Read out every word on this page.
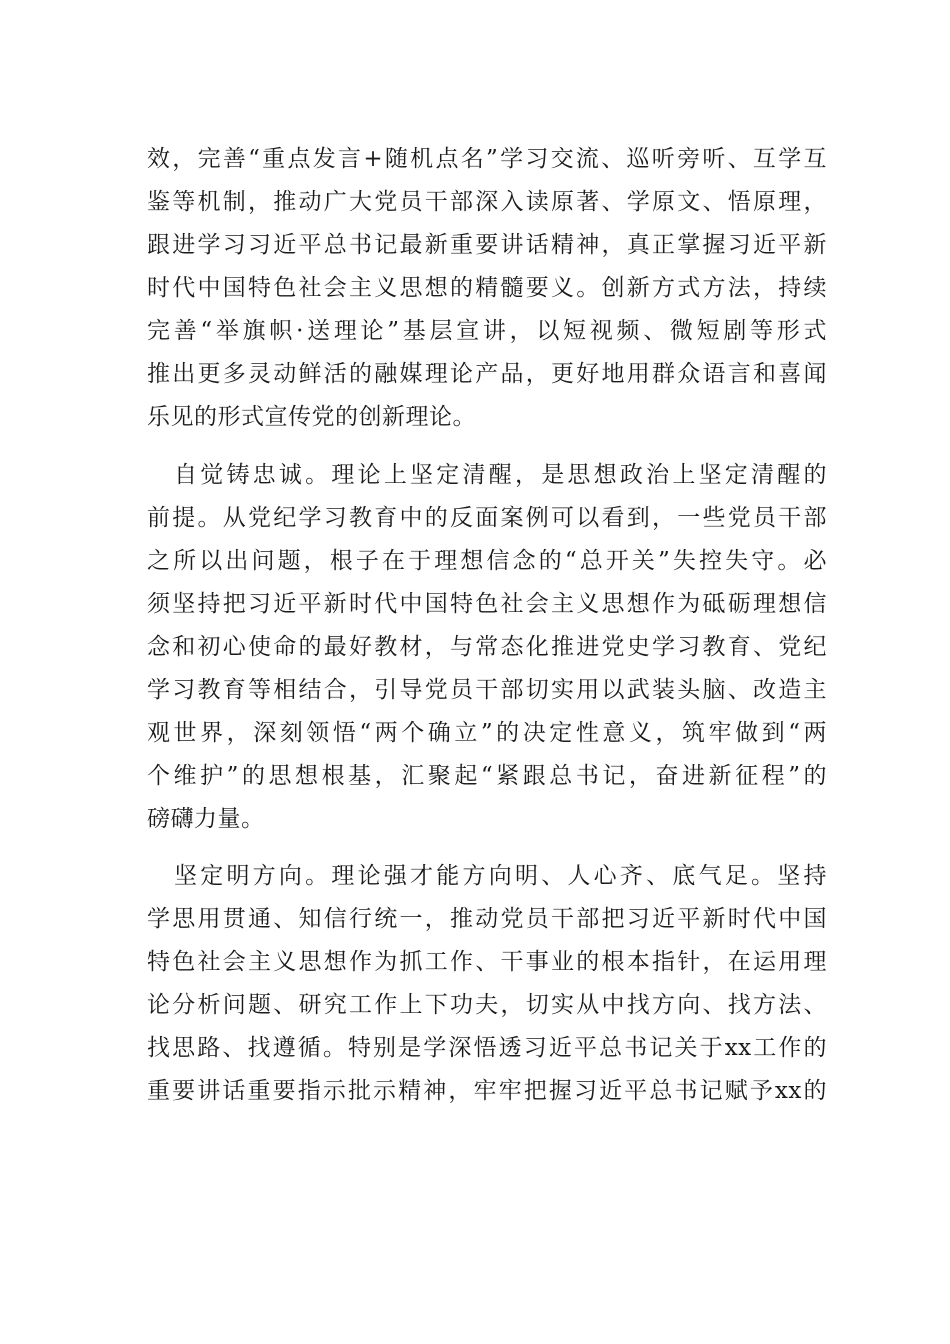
效，完善“重点发言+随机点名”学习交流、巡听旁听、互学互
鉴等机制，推动广大党员干部深入读原著、学原文、悟原理，
跟进学习习近平总书记最新重要讲话精神，真正掌握习近平新
时代中国特色社会主义思想的精髓要义。创新方式方法，持续
完善“举旗帜·送理论”基层宣讲，以短视频、微短剧等形式
推出更多灵动鲜活的融媒理论产品，更好地用群众语言和喜闻
乐见的形式宣传党的创新理论。
自觉铸忠诚。理论上坚定清醒，是思想政治上坚定清醒的
前提。从党纪学习教育中的反面案例可以看到，一些党员干部
之所以出问题，根子在于理想信念的“总开关”失控失守。必
须坚持把习近平新时代中国特色社会主义思想作为砥砺理想信
念和初心使命的最好教材，与常态化推进党史学习教育、党纪
学习教育等相结合，引导党员干部切实用以武装头脑、改造主
观世界，深刻领悟“两个确立”的决定性意义，筑牢做到“两
个维护”的思想根基，汇聚起“紧跟总书记，奋进新征程”的
磅礴力量。
坚定明方向。理论强才能方向明、人心齐、底气足。坚持
学思用贯通、知信行统一，推动党员干部把习近平新时代中国
特色社会主义思想作为抓工作、干事业的根本指针，在运用理
论分析问题、研究工作上下功夫，切实从中找方向、找方法、
找思路、找遵循。特别是学深悟透习近平总书记关于xx工作的
重要讲话重要指示批示精神，牢牢把握习近平总书记赋予xx的
